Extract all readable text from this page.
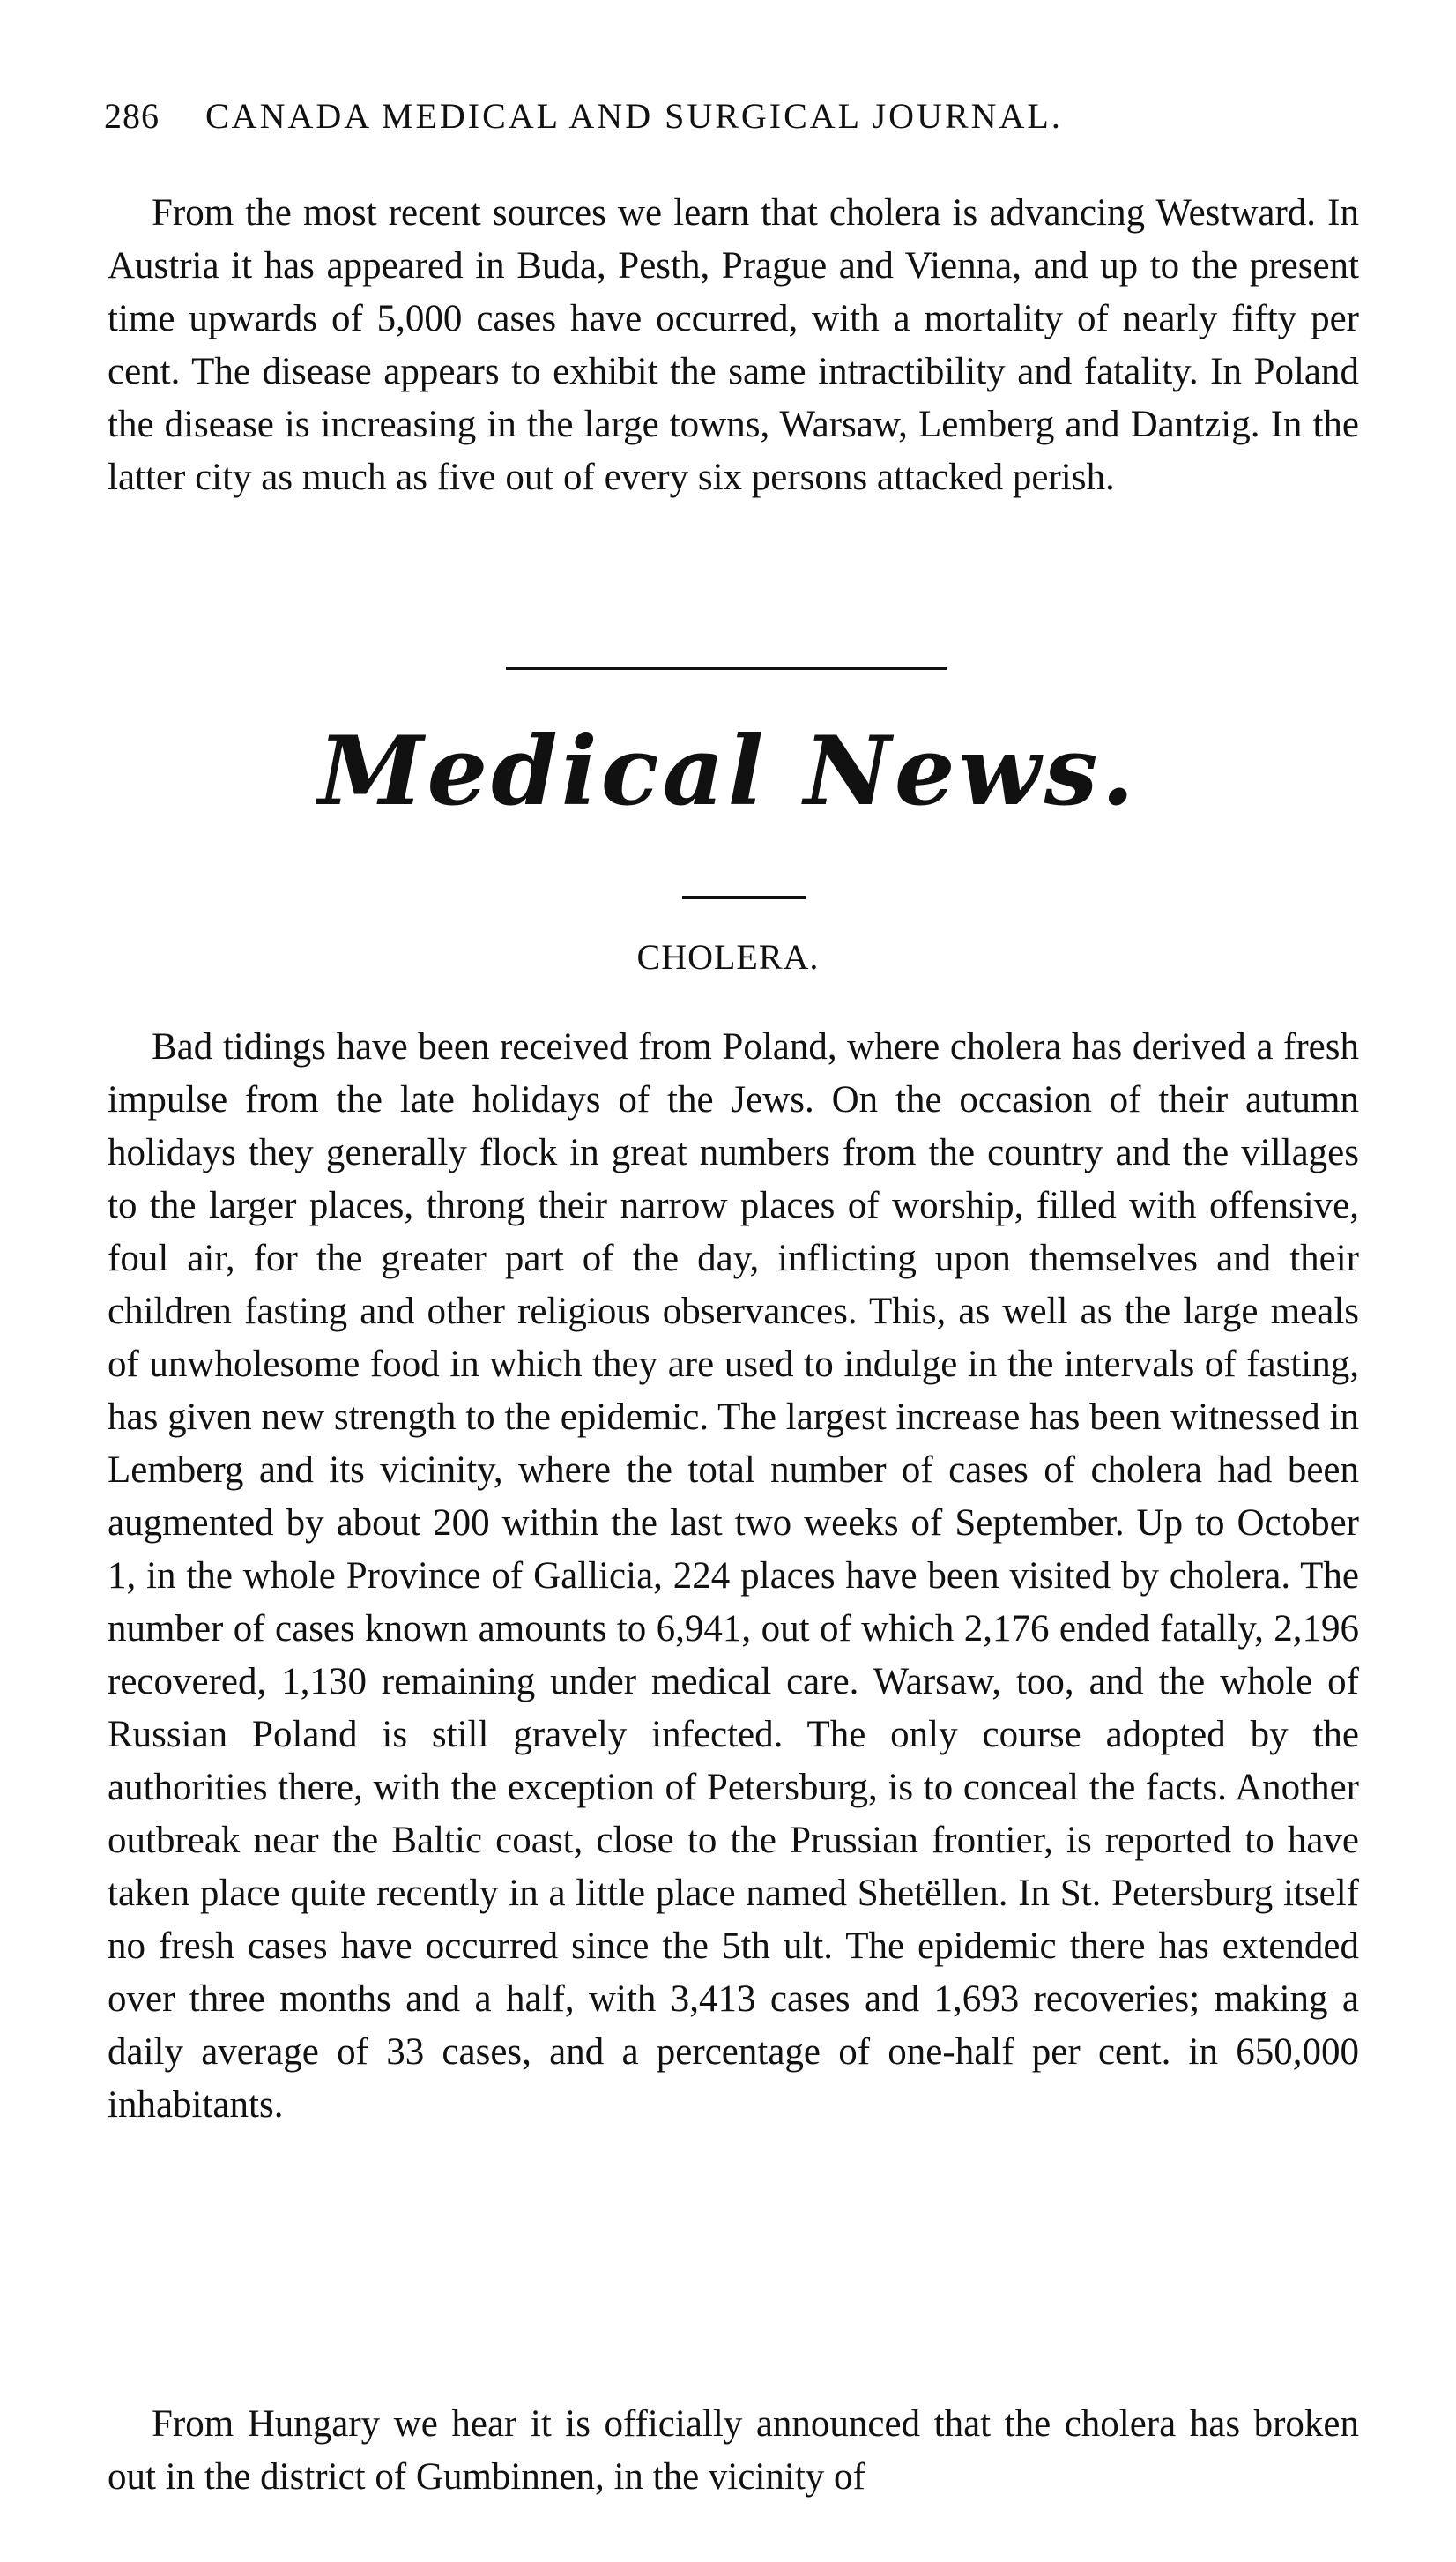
286 CANADA MEDICAL AND SURGICAL JOURNAL.

From the most recent sources we learn that cholera is advancing Westward. In Austria it has appeared in Buda, Pesth, Prague and Vienna, and up to the present time upwards of 5,000 cases have occurred, with a mortality of nearly fifty per cent. The disease appears to exhibit the same intractibility and fatality. In Poland the disease is increasing in the large towns, Warsaw, Lemberg and Dantzig. In the latter city as much as five out of every six persons attacked perish.

Medical News.
CHOLERA.

Bad tidings have been received from Poland, where cholera has derived a fresh impulse from the late holidays of the Jews. On the occasion of their autumn holidays they generally flock in great numbers from the country and the villages to the larger places, throng their narrow places of worship, filled with offensive, foul air, for the greater part of the day, inflicting upon themselves and their children fasting and other religious observances. This, as well as the large meals of unwholesome food in which they are used to indulge in the intervals of fasting, has given new strength to the epidemic. The largest increase has been witnessed in Lemberg and its vicinity, where the total number of cases of cholera had been augmented by about 200 within the last two weeks of September. Up to October 1, in the whole Province of Gallicia, 224 places have been visited by cholera. The number of cases known amounts to 6,941, out of which 2,176 ended fatally, 2,196 recovered, 1,130 remaining under medical care. Warsaw, too, and the whole of Russian Poland is still gravely infected. The only course adopted by the authorities there, with the exception of Petersburg, is to conceal the facts. Another outbreak near the Baltic coast, close to the Prussian frontier, is reported to have taken place quite recently in a little place named Shetëllen. In St. Petersburg itself no fresh cases have occurred since the 5th ult. The epidemic there has extended over three months and a half, with 3,413 cases and 1,693 recoveries; making a daily average of 33 cases, and a percentage of one-half per cent. in 650,000 inhabitants.

From Hungary we hear it is officially announced that the cholera has broken out in the district of Gumbinnen, in the vicinity of
